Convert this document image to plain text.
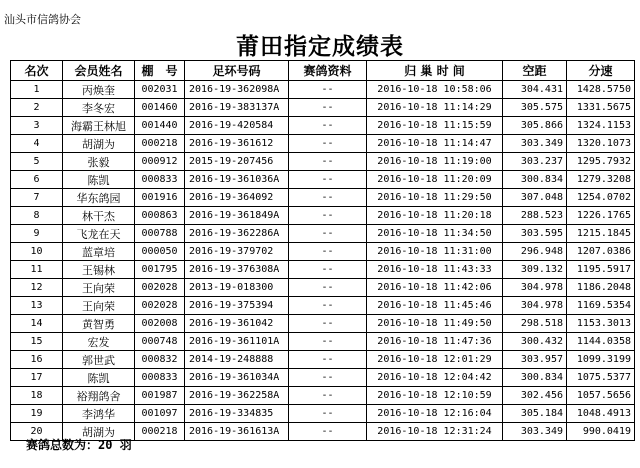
汕头市信鸽协会
莆田指定成绩表
名次	会员姓名	棚　号	足环号码	赛鸽资料	归 巢 时 间	空距	分速
1	丙焕奎	002031	2016-19-362098A	--	2016-10-18 10:58:06	304.431	1428.5750
2	李冬宏	001460	2016-19-383137A	--	2016-10-18 11:14:29	305.575	1331.5675
3	海霸王林旭	001440	2016-19-420584	--	2016-10-18 11:15:59	305.866	1324.1153
4	胡湖为	000218	2016-19-361612	--	2016-10-18 11:14:47	303.349	1320.1073
5	张毅	000912	2015-19-207456	--	2016-10-18 11:19:00	303.237	1295.7932
6	陈凯	000833	2016-19-361036A	--	2016-10-18 11:20:09	300.834	1279.3208
7	华东鸽园	001916	2016-19-364092	--	2016-10-18 11:29:50	307.048	1254.0702
8	林干杰	000863	2016-19-361849A	--	2016-10-18 11:20:18	288.523	1226.1765
9	飞龙在天	000788	2016-19-362286A	--	2016-10-18 11:34:50	303.595	1215.1845
10	蓝章培	000050	2016-19-379702	--	2016-10-18 11:31:00	296.948	1207.0386
11	王锡林	001795	2016-19-376308A	--	2016-10-18 11:43:33	309.132	1195.5917
12	王向荣	002028	2013-19-018300	--	2016-10-18 11:42:06	304.978	1186.2048
13	王向荣	002028	2016-19-375394	--	2016-10-18 11:45:46	304.978	1169.5354
14	黄智勇	002008	2016-19-361042	--	2016-10-18 11:49:50	298.518	1153.3013
15	宏发	000748	2016-19-361101A	--	2016-10-18 11:47:36	300.432	1144.0358
16	郭世武	000832	2014-19-248888	--	2016-10-18 12:01:29	303.957	1099.3199
17	陈凯	000833	2016-19-361034A	--	2016-10-18 12:04:42	300.834	1075.5377
18	裕翔鸽舍	001987	2016-19-362258A	--	2016-10-18 12:10:59	302.456	1057.5656
19	李鸿华	001097	2016-19-334835	--	2016-10-18 12:16:04	305.184	1048.4913
20	胡湖为	000218	2016-19-361613A	--	2016-10-18 12:31:24	303.349	990.0419
赛鸽总数为：20 羽
